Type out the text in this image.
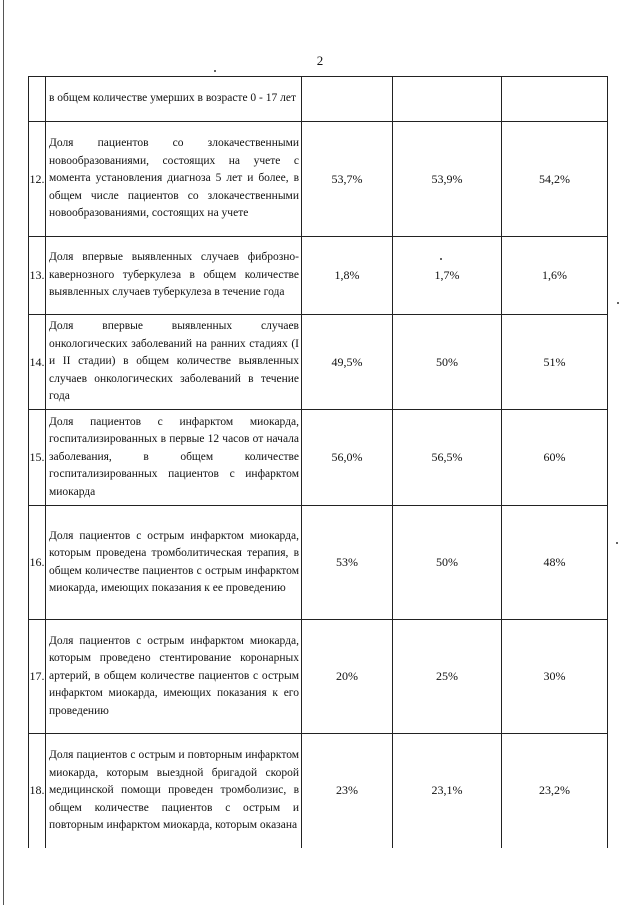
2

	в общем количестве умерших в возрасте 0 - 17 лет			

12.	Доля пациентов со злокачественными новообразованиями, состоящих на учете с момента установления диагноза 5 лет и более, в общем числе пациентов со злокачественными новообразованиями, состоящих на учете	53,7%	53,9%	54,2%
13.	Доля впервые выявленных случаев фиброзно-кавернозного туберкулеза в общем количестве выявленных случаев туберкулеза в течение года	1,8%	1,7%	1,6%
14.	Доля впервые выявленных случаев онкологических заболеваний на ранних стадиях (I и II стадии) в общем количестве выявленных случаев онкологических заболеваний в течение года	49,5%	50%	51%
15.	Доля пациентов с инфарктом миокарда, госпитализированных в первые 12 часов от начала заболевания, в общем количестве госпитализированных пациентов с инфарктом миокарда	56,0%	56,5%	60%
16.	Доля пациентов с острым инфарктом миокарда, которым проведена тромболитическая терапия, в общем количестве пациентов с острым инфарктом миокарда, имеющих показания к ее проведению	53%	50%	48%
17.	Доля пациентов с острым инфарктом миокарда, которым проведено стентирование коронарных артерий, в общем количестве пациентов с острым инфарктом миокарда, имеющих показания к его проведению	20%	25%	30%
18.	Доля пациентов с острым и повторным инфарктом миокарда, которым выездной бригадой скорой медицинской помощи проведен тромболизис, в общем количестве пациентов с острым и повторным инфарктом миокарда, которым оказана	23%	23,1%	23,2%
